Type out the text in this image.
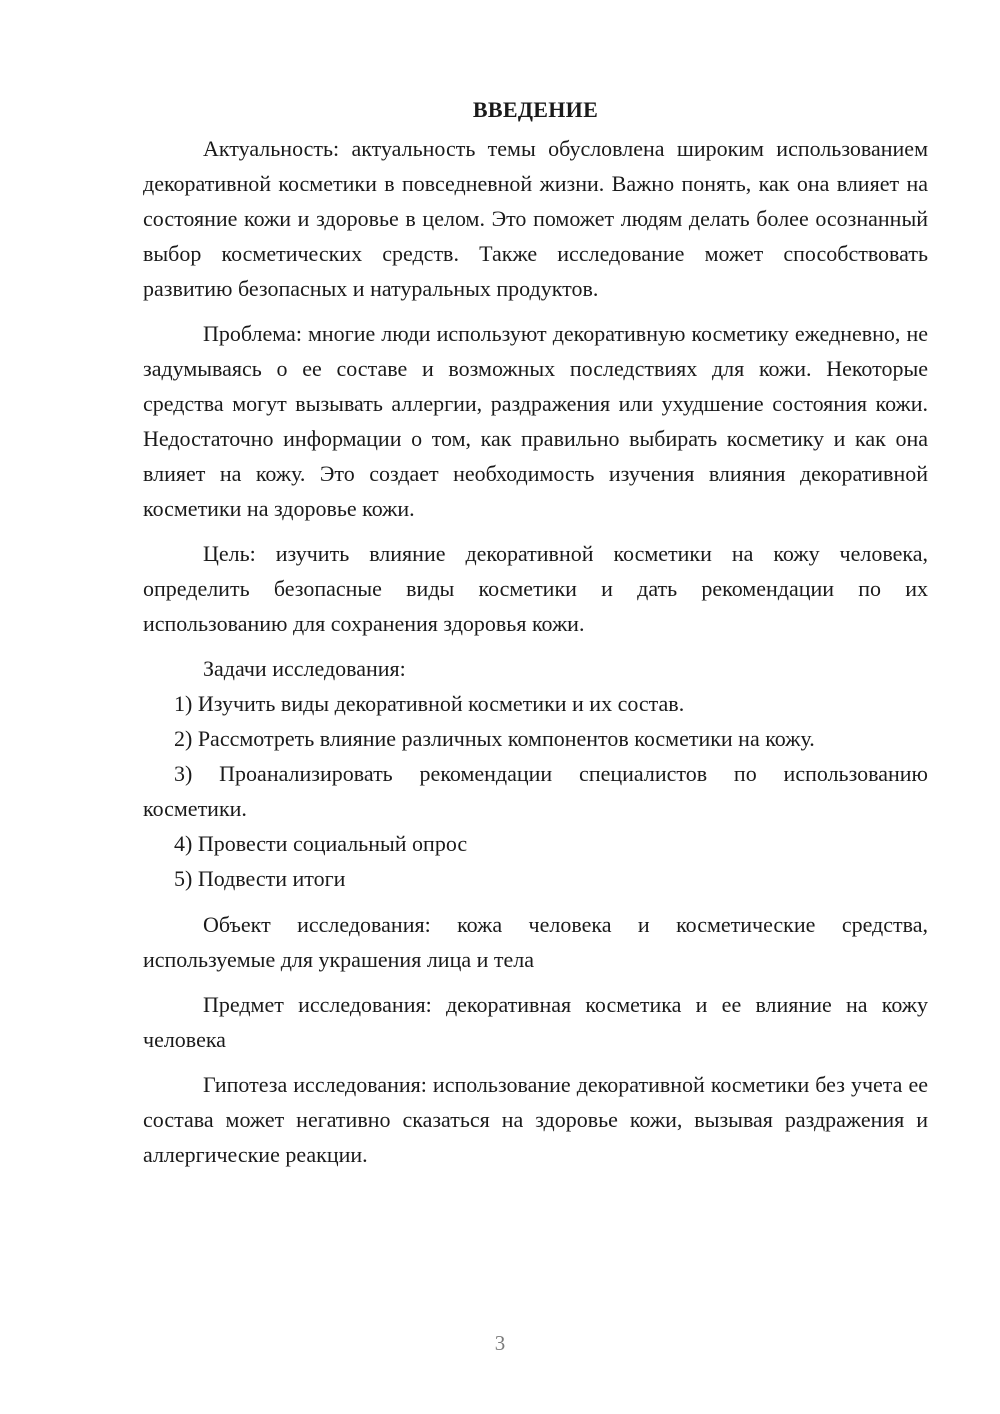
ВВЕДЕНИЕ

Актуальность: актуальность темы обусловлена широким использованием декоративной косметики в повседневной жизни. Важно понять, как она влияет на состояние кожи и здоровье в целом. Это поможет людям делать более осознанный выбор косметических средств. Также исследование может способствовать развитию безопасных и натуральных продуктов.

Проблема: многие люди используют декоративную косметику ежедневно, не задумываясь о ее составе и возможных последствиях для кожи. Некоторые средства могут вызывать аллергии, раздражения или ухудшение состояния кожи. Недостаточно информации о том, как правильно выбирать косметику и как она влияет на кожу. Это создает необходимость изучения влияния декоративной косметики на здоровье кожи.

Цель: изучить влияние декоративной косметики на кожу человека, определить безопасные виды косметики и дать рекомендации по их использованию для сохранения здоровья кожи.

Задачи исследования:

1) Изучить виды декоративной косметики и их состав.

2) Рассмотреть влияние различных компонентов косметики на кожу.

3) Проанализировать рекомендации специалистов по использованию косметики.

4) Провести социальный опрос

5) Подвести итоги

Объект исследования: кожа человека и косметические средства, используемые для украшения лица и тела

Предмет исследования: декоративная косметика и ее влияние на кожу человека

Гипотеза исследования: использование декоративной косметики без учета ее состава может негативно сказаться на здоровье кожи, вызывая раздражения и аллергические реакции.

3
